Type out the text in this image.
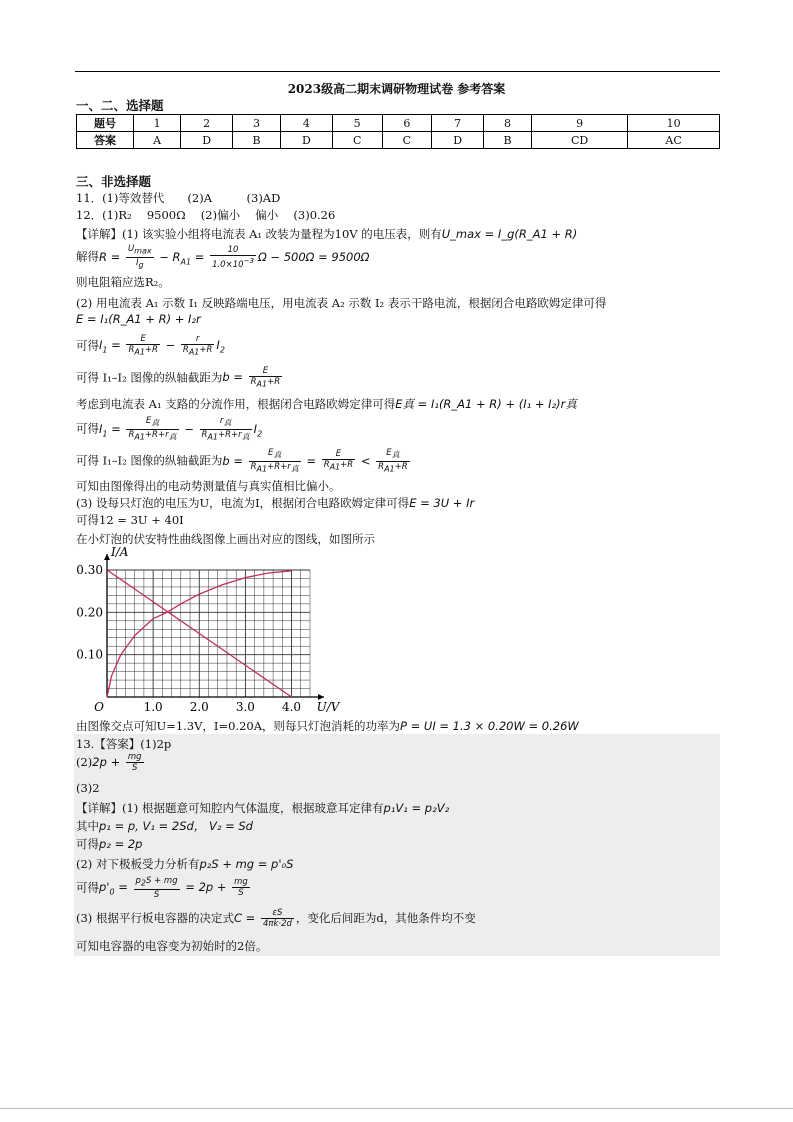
2023级高二期末调研物理试卷 参考答案
一、二、选择题
题号	1	2	3	4	5	6	7	8	9	10
答案	A	D	B	D	C	C	D	B	CD	AC
三、非选择题
11．(1)等效替代　　(2)A　　　(3)AD
12．(1)R₂　 9500Ω　 (2)偏小　 偏小　 (3)0.26
【详解】(1) 该实验小组将电流表 A₁ 改装为量程为10V 的电压表，则有U_max = I_g(R_A1 + R)
解得$R = \frac{U_{max}}{I_g} - R_{A1} = \frac{10}{1.0\times 10^{-3}}$ Ω − 500Ω = 9500Ω
则电阻箱应选R₂。
(2) 用电流表 A₁ 示数 I₁ 反映路端电压，用电流表 A₂ 示数 I₂ 表示干路电流，根据闭合电路欧姆定律可得
E = I₁(R_A1 + R) + I₂r
可得$I_1 = \frac{E}{R_{A1}+R} - \frac{r}{R_{A1}+R} I_2$
可得 I₁–I₂ 图像的纵轴截距为$b = \frac{E}{R_{A1}+R}$
考虑到电流表 A₁ 支路的分流作用，根据闭合电路欧姆定律可得E真 = I₁(R_A1 + R) + (I₁ + I₂)r真
可得$I_1 = \frac{E_真}{R_{A1}+R+r_真} - \frac{r_真}{R_{A1}+R+r_真} I_2$
可得 I₁–I₂ 图像的纵轴截距为$b = \frac{E_真}{R_{A1}+R+r_真} = \frac{E}{R_{A1}+R} < \frac{E_真}{R_{A1}+R}$
可知由图像得出的电动势测量值与真实值相比偏小。
(3) 设每只灯泡的电压为U，电流为I，根据闭合电路欧姆定律可得E = 3U + Ir
可得12 = 3U + 40I
在小灯泡的伏安特性曲线图像上画出对应的图线，如图所示
1.0 2.0 3.0 4.0
0.10
0.20
0.30
O	U/V
I/A
由图像交点可知U=1.3V，I=0.20A，则每只灯泡消耗的功率为P = UI = 1.3 × 0.20W = 0.26W
13.【答案】(1)2p
$(2)2p + \frac{mg}{S}$
(3)2
【详解】(1) 根据题意可知腔内气体温度，根据玻意耳定律有p₁V₁ = p₂V₂
其中p₁ = p, V₁ = 2Sd， V₂ = Sd
可得p₂ = 2p
(2) 对下极板受力分析有p₂S + mg = p'₀S
可得$p'_0 = \frac{p_2S + mg}{S} = 2p + \frac{mg}{S}$
(3) 根据平行板电容器的决定式$C = \frac{\varepsilon S}{4\pi k\cdot 2d}$ ，变化后间距为d，其他条件均不变
可知电容器的电容变为初始时的2倍。
